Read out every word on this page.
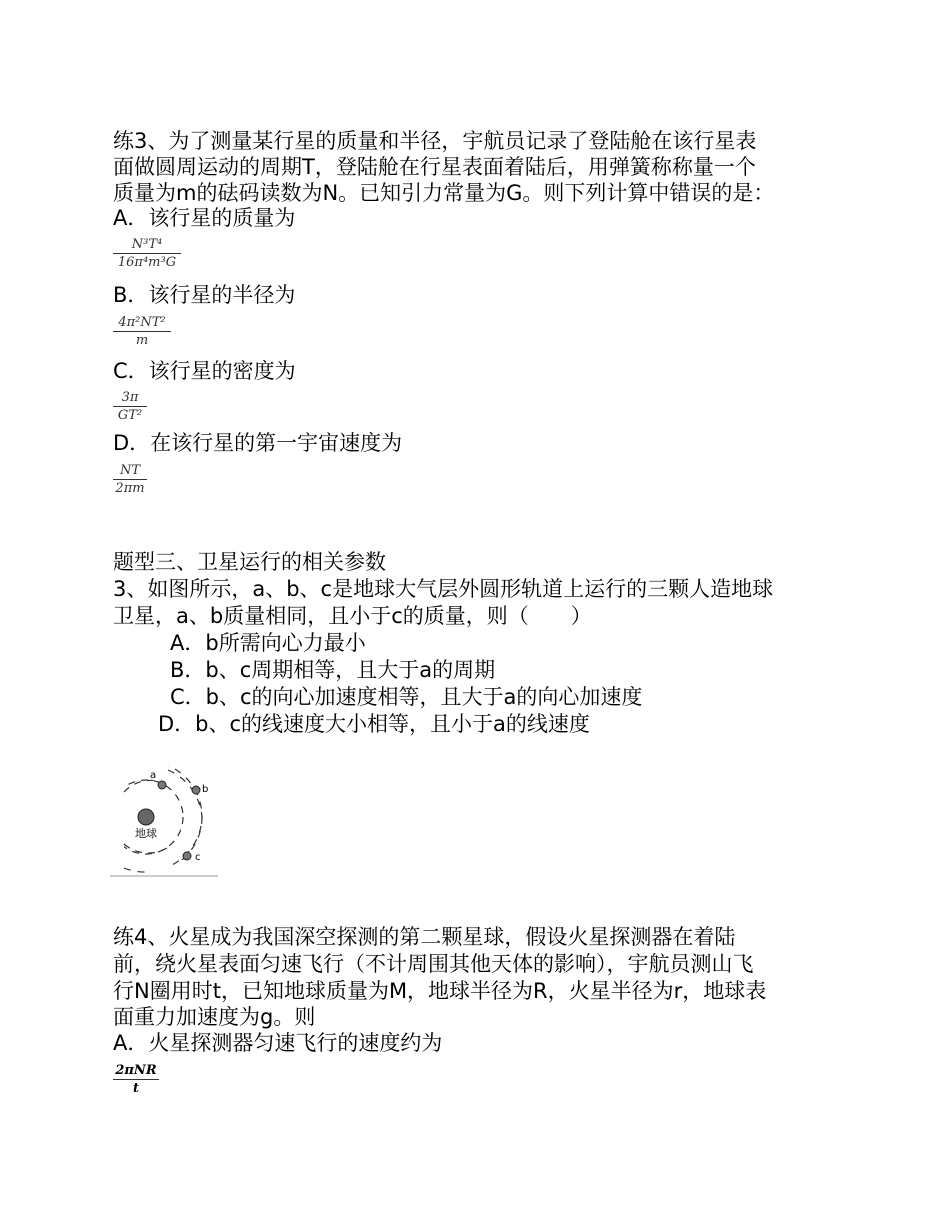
练3、为了测量某行星的质量和半径，宇航员记录了登陆舱在该行星表
面做圆周运动的周期T，登陆舱在行星表面着陆后，用弹簧称称量一个
质量为m的砝码读数为N。已知引力常量为G。则下列计算中错误的是：
A．该行星的质量为
N³T⁴
16π⁴m³G
B．该行星的半径为
4π²NT²
m
C．该行星的密度为
3π
GT²
D．在该行星的第一宇宙速度为
NT
2πm
题型三、卫星运行的相关参数
3、如图所示，a、b、c是地球大气层外圆形轨道上运行的三颗人造地球
卫星，a、b质量相同，且小于c的质量，则（　　）
A．b所需向心力最小
B．b、c周期相等，且大于a的周期
C．b、c的向心加速度相等，且大于a的向心加速度
D．b、c的线速度大小相等，且小于a的线速度
地球
a
b
c
练4、火星成为我国深空探测的第二颗星球，假设火星探测器在着陆
前，绕火星表面匀速飞行（不计周围其他天体的影响），宇航员测山飞
行N圈用时t，已知地球质量为M，地球半径为R，火星半径为r，地球表
面重力加速度为g。则
A．火星探测器匀速飞行的速度约为
2πNR
t
